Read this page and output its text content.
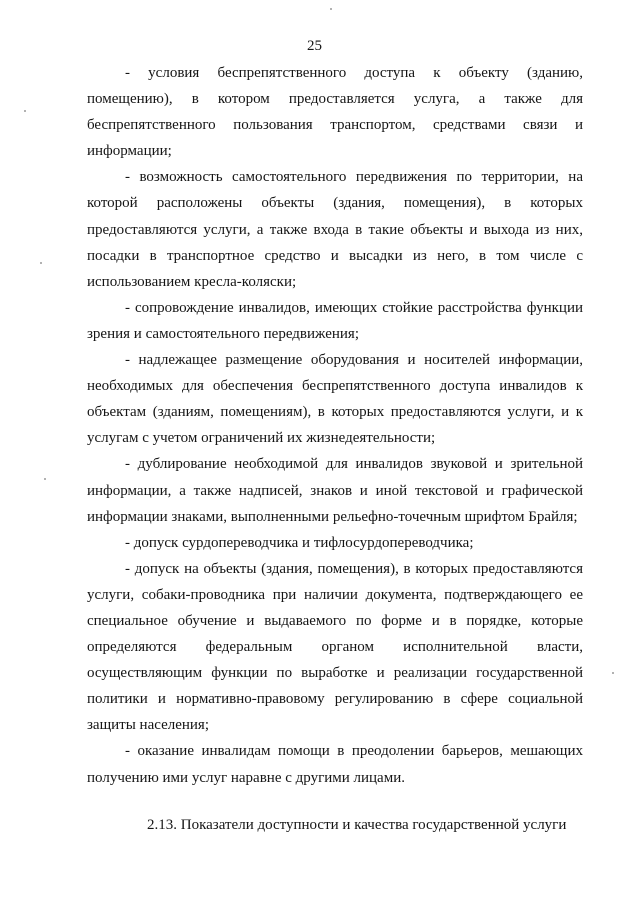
25

- условия беспрепятственного доступа к объекту (зданию, помещению), в котором предоставляется услуга, а также для беспрепятственного пользования транспортом, средствами связи и информации;

- возможность самостоятельного передвижения по территории, на которой расположены объекты (здания, помещения), в которых предоставляются услуги, а также входа в такие объекты и выхода из них, посадки в транспортное средство и высадки из него, в том числе с использованием кресла-коляски;

- сопровождение инвалидов, имеющих стойкие расстройства функции зрения и самостоятельного передвижения;

- надлежащее размещение оборудования и носителей информации, необходимых для обеспечения беспрепятственного доступа инвалидов к объектам (зданиям, помещениям), в которых предоставляются услуги, и к услугам с учетом ограничений их жизнедеятельности;

- дублирование необходимой для инвалидов звуковой и зрительной информации, а также надписей, знаков и иной текстовой и графической информации знаками, выполненными рельефно-точечным шрифтом Брайля;

- допуск сурдопереводчика и тифлосурдопереводчика;

- допуск на объекты (здания, помещения), в которых предоставляются услуги, собаки-проводника при наличии документа, подтверждающего ее специальное обучение и выдаваемого по форме и в порядке, которые определяются федеральным органом исполнительной власти, осуществляющим функции по выработке и реализации государственной политики и нормативно-правовому регулированию в сфере социальной защиты населения;

- оказание инвалидам помощи в преодолении барьеров, мешающих получению ими услуг наравне с другими лицами.

2.13. Показатели доступности и качества государственной услуги
